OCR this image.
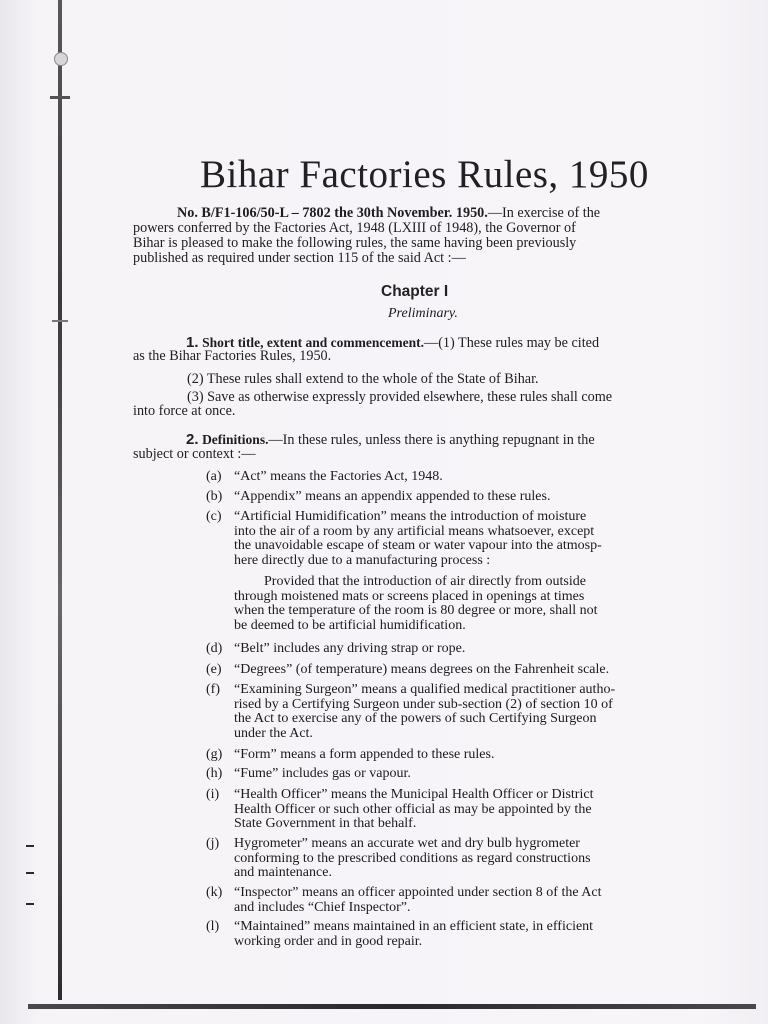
Bihar Factories Rules, 1950
No. B/F1-106/50-L – 7802 the 30th November. 1950.—In exercise of the
powers conferred by the Factories Act, 1948 (LXIII of 1948), the Governor of
Bihar is pleased to make the following rules, the same having been previously
published as required under section 115 of the said Act :—
Chapter I
Preliminary.
1. Short title, extent and commencement.—(1) These rules may be cited
as the Bihar Factories Rules, 1950.
(2) These rules shall extend to the whole of the State of Bihar.
(3) Save as otherwise expressly provided elsewhere, these rules shall come
into force at once.
2. Definitions.—In these rules, unless there is anything repugnant in the
subject or context :—
(a) “Act” means the Factories Act, 1948.
(b) “Appendix” means an appendix appended to these rules.
(c) “Artificial Humidification” means the introduction of moisture
into the air of a room by any artificial means whatsoever, except
the unavoidable escape of steam or water vapour into the atmosp-
here directly due to a manufacturing process :
Provided that the introduction of air directly from outside
through moistened mats or screens placed in openings at times
when the temperature of the room is 80 degree or more, shall not
be deemed to be artificial humidification.
(d) “Belt” includes any driving strap or rope.
(e) “Degrees” (of temperature) means degrees on the Fahrenheit scale.
(f) “Examining Surgeon” means a qualified medical practitioner autho-
rised by a Certifying Surgeon under sub-section (2) of section 10 of
the Act to exercise any of the powers of such Certifying Surgeon
under the Act.
(g) “Form” means a form appended to these rules.
(h) “Fume” includes gas or vapour.
(i) “Health Officer” means the Municipal Health Officer or District
Health Officer or such other official as may be appointed by the
State Government in that behalf.
(j) Hygrometer” means an accurate wet and dry bulb hygrometer
conforming to the prescribed conditions as regard constructions
and maintenance.
(k) “Inspector” means an officer appointed under section 8 of the Act
and includes “Chief Inspector”.
(l) “Maintained” means maintained in an efficient state, in efficient
working order and in good repair.
